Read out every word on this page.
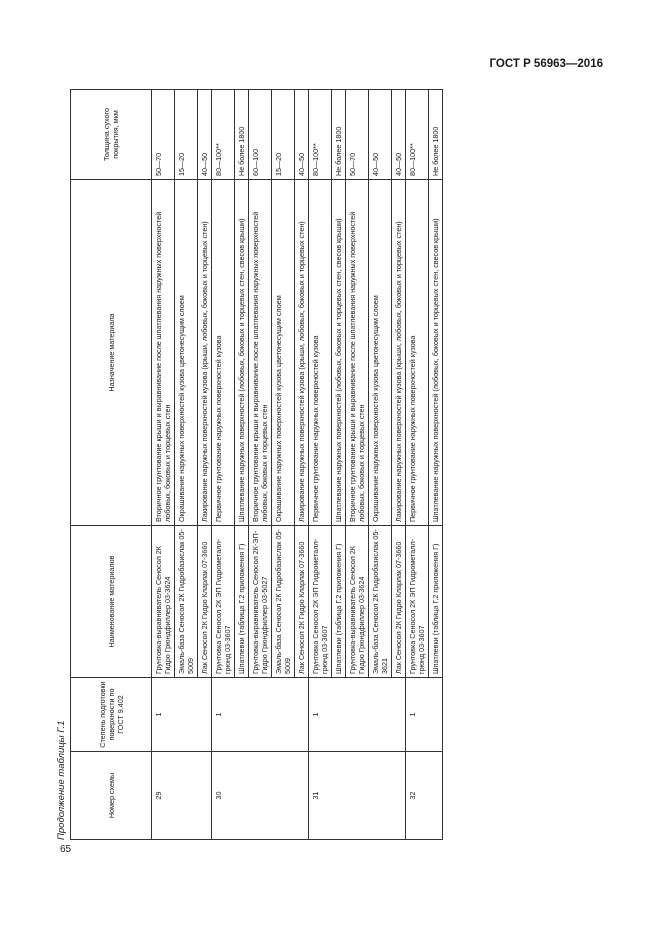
ГОСТ Р 56963—2016
Продолжение таблицы Г.1	Номер схемы	Степень подготовки поверхности по ГОСТ 9.402	Наименование материалов	Назначение материала	Толщина сухого покрытия, мкм
29	1	Грунтовка-выравниватель Сеносол 2К Гидро Грюндфиллер 03-3624	Вторичное грунтование крыши и выравнивание после шпатлевания наружных поверхностей лобовых, боковых и торцевых стен	50—70
		Эмаль-база Сеносол 2К Гидробазислак 05-5009	Окрашивание наружных поверхностей кузова цветонесущим слоем	15—20
		Лак Сеносол 2К Гидро Кларлак 07-3660	Лакирование наружных поверхностей кузова (крыши, лобовых, боковых и торцевых стен)	40—50
30	1	Грунтовка Сеносол 2К ЭП Гидрометаллгрюнд 03-3607	Первичное грунтование наружных поверхностей кузова	80—100**
		Шпатлевки (таблица Г.2 приложения Г)	Шпатлевание наружных поверхностей (лобовых, боковых и торцевых стен, свесов крыши)	Не более 1800
		Грунтовка-выравниватель Сеносол 2К-ЭП-Гидро Грюндфиллер 03-5027	Вторичное грунтование крыши и выравнивание после шпатлевания наружных поверхностей лобовых, боковых и торцевых стен	60—100
		Эмаль-база Сеносол 2К Гидробазислак 05-5009	Окрашивание наружных поверхностей кузова цветонесущим слоем	15—20
		Лак Сеносол 2К Гидро Кларлак 07-3660	Лакирование наружных поверхностей кузова (крыши, лобовых, боковых и торцевых стен)	40—50
31	1	Грунтовка Сеносол 2К ЭП Гидрометаллгрюнд 03-3607	Первичное грунтование наружных поверхностей кузова	80—100**
		Шпатлевки (таблица Г.2 приложения Г)	Шпатлевание наружных поверхностей (лобовых, боковых и торцевых стен, свесов крыши)	Не более 1800
		Грунтовка-выравниватель Сеносол 2К Гидро Грюндфиллер 03-3624	Вторичное грунтование крыши и выравнивание после шпатлевания наружных поверхностей лобовых, боковых и торцевых стен	50—70
		Эмаль-база Сеносол 2К Гидробазислак 05-3621	Окрашивание наружных поверхностей кузова цветонесущим слоем	40—50
		Лак Сеносол 2К Гидро Кларлак 07-3660	Лакирование наружных поверхностей кузова (крыши, лобовых, боковых и торцевых стен)	40—50
32	1	Грунтовка Сеносол 2К ЭП Гидрометаллгрюнд 03-3607	Первичное грунтование наружных поверхностей кузова	80—100**
		Шпатлевки (таблица Г.2 приложения Г)	Шпатлевание наружных поверхностей (лобовых, боковых и торцевых стен, свесов крыши)	Не более 1800
65
